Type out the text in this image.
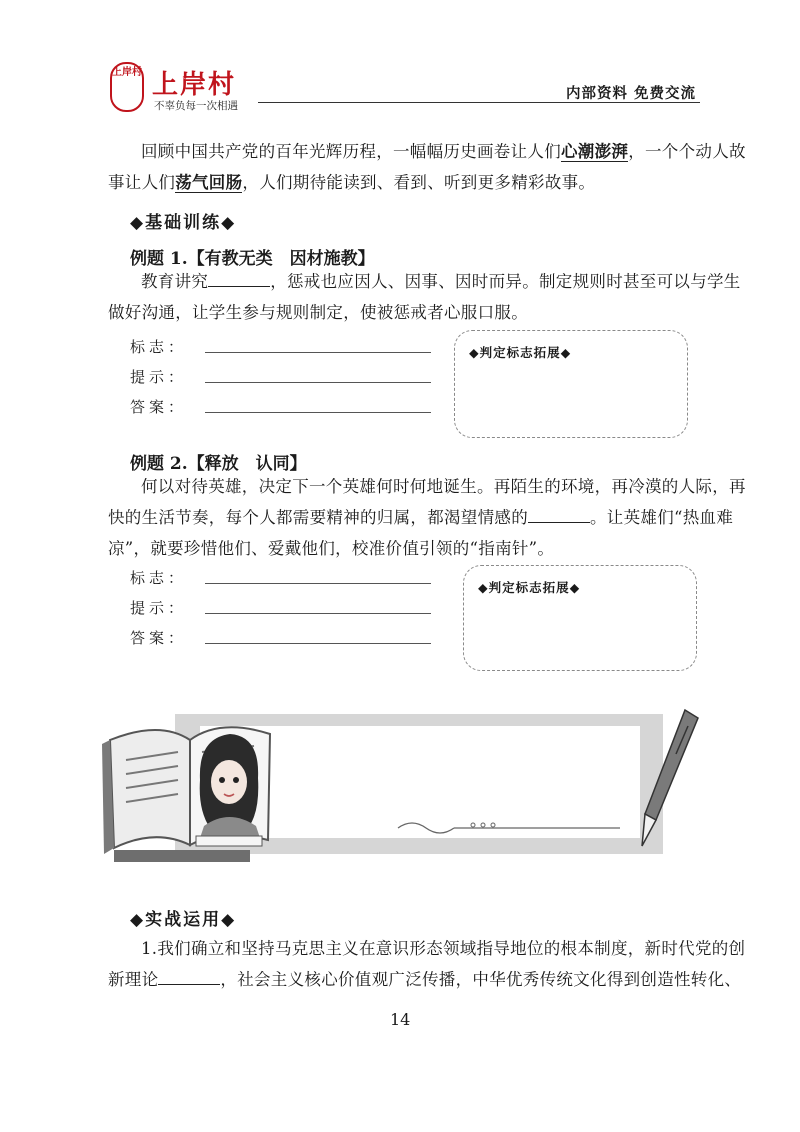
上岸村 上岸村
不辜负每一次相遇
内部资料 免费交流
回顾中国共产党的百年光辉历程，一幅幅历史画卷让人们心潮澎湃，一个个动人故
事让人们荡气回肠，人们期待能读到、看到、听到更多精彩故事。
◆基础训练◆
例题 1.【有教无类　因材施教】
教育讲究	，惩戒也应因人、因事、因时而异。制定规则时甚至可以与学生
做好沟通，让学生参与规则制定，使被惩戒者心服口服。
标志：
提示：
答案：
◆判定标志拓展◆
例题 2.【释放　认同】
何以对待英雄，决定下一个英雄何时何地诞生。再陌生的环境，再冷漠的人际，再
快的生活节奏，每个人都需要精神的归属，都渴望情感的	。让英雄们“热血难
凉”，就要珍惜他们、爱戴他们，校准价值引领的“指南针”。
标志：
提示：
答案：
◆判定标志拓展◆
◆实战运用◆
1.我们确立和坚持马克思主义在意识形态领域指导地位的根本制度，新时代党的创
新理论	，社会主义核心价值观广泛传播，中华优秀传统文化得到创造性转化、
14
